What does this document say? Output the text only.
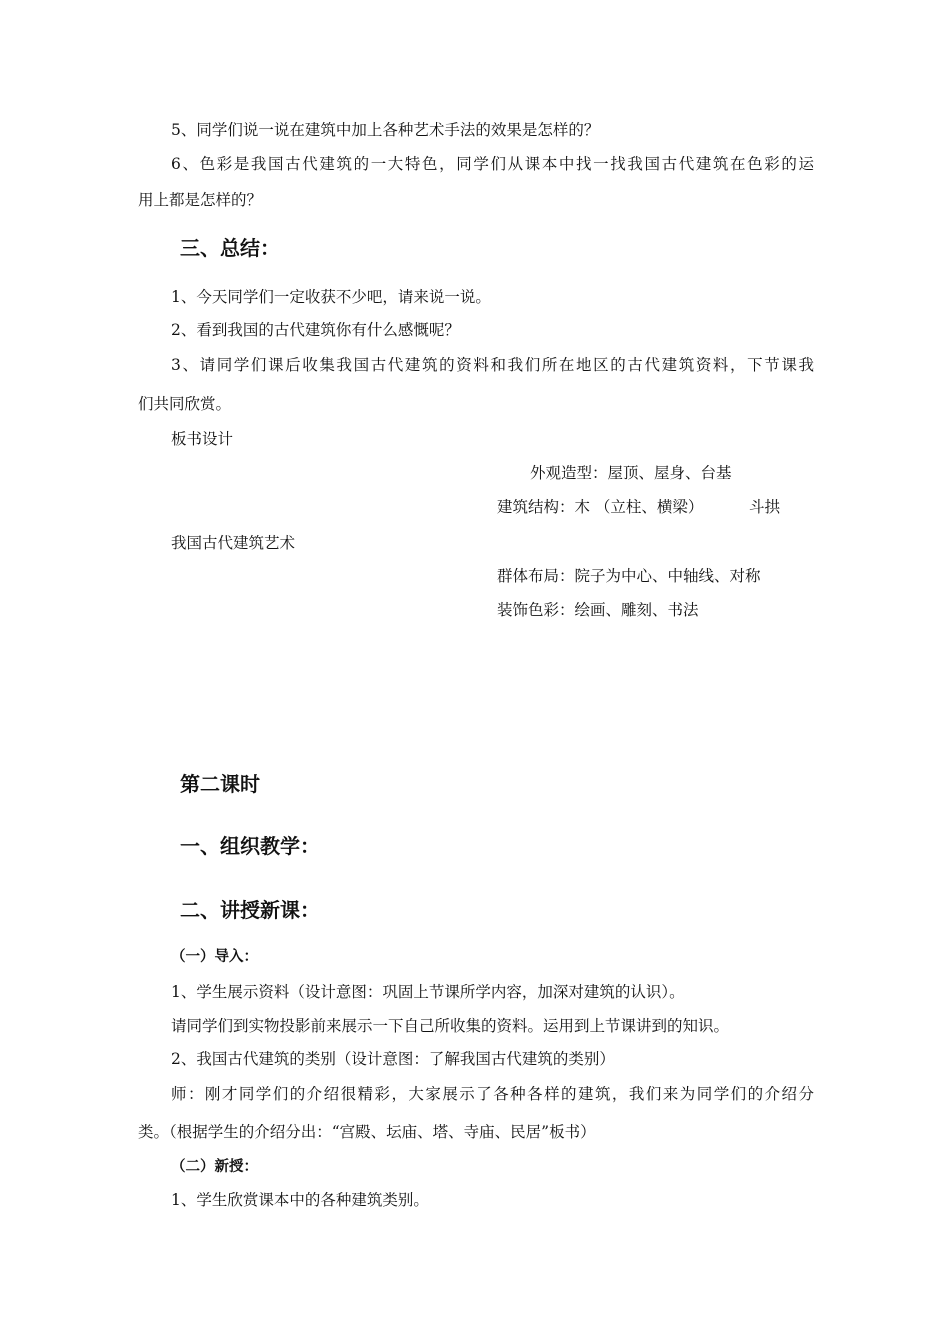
5、同学们说一说在建筑中加上各种艺术手法的效果是怎样的？
6、色彩是我国古代建筑的一大特色，同学们从课本中找一找我国古代建筑在色彩的运
用上都是怎样的？
三、总结：
1、今天同学们一定收获不少吧，请来说一说。
2、看到我国的古代建筑你有什么感慨呢？
3、请同学们课后收集我国古代建筑的资料和我们所在地区的古代建筑资料，下节课我
们共同欣赏。
板书设计
外观造型：屋顶、屋身、台基
建筑结构：木 （立柱、横梁）	斗拱
我国古代建筑艺术
群体布局：院子为中心、中轴线、对称
装饰色彩：绘画、雕刻、书法
第二课时
一、组织教学：
二、讲授新课：
（一）导入：
1、学生展示资料（设计意图：巩固上节课所学内容，加深对建筑的认识）。
请同学们到实物投影前来展示一下自己所收集的资料。运用到上节课讲到的知识。
2、我国古代建筑的类别（设计意图：了解我国古代建筑的类别）
师：刚才同学们的介绍很精彩，大家展示了各种各样的建筑，我们来为同学们的介绍分
类。（根据学生的介绍分出：“宫殿、坛庙、塔、寺庙、民居”板书）
（二）新授：
1、学生欣赏课本中的各种建筑类别。
